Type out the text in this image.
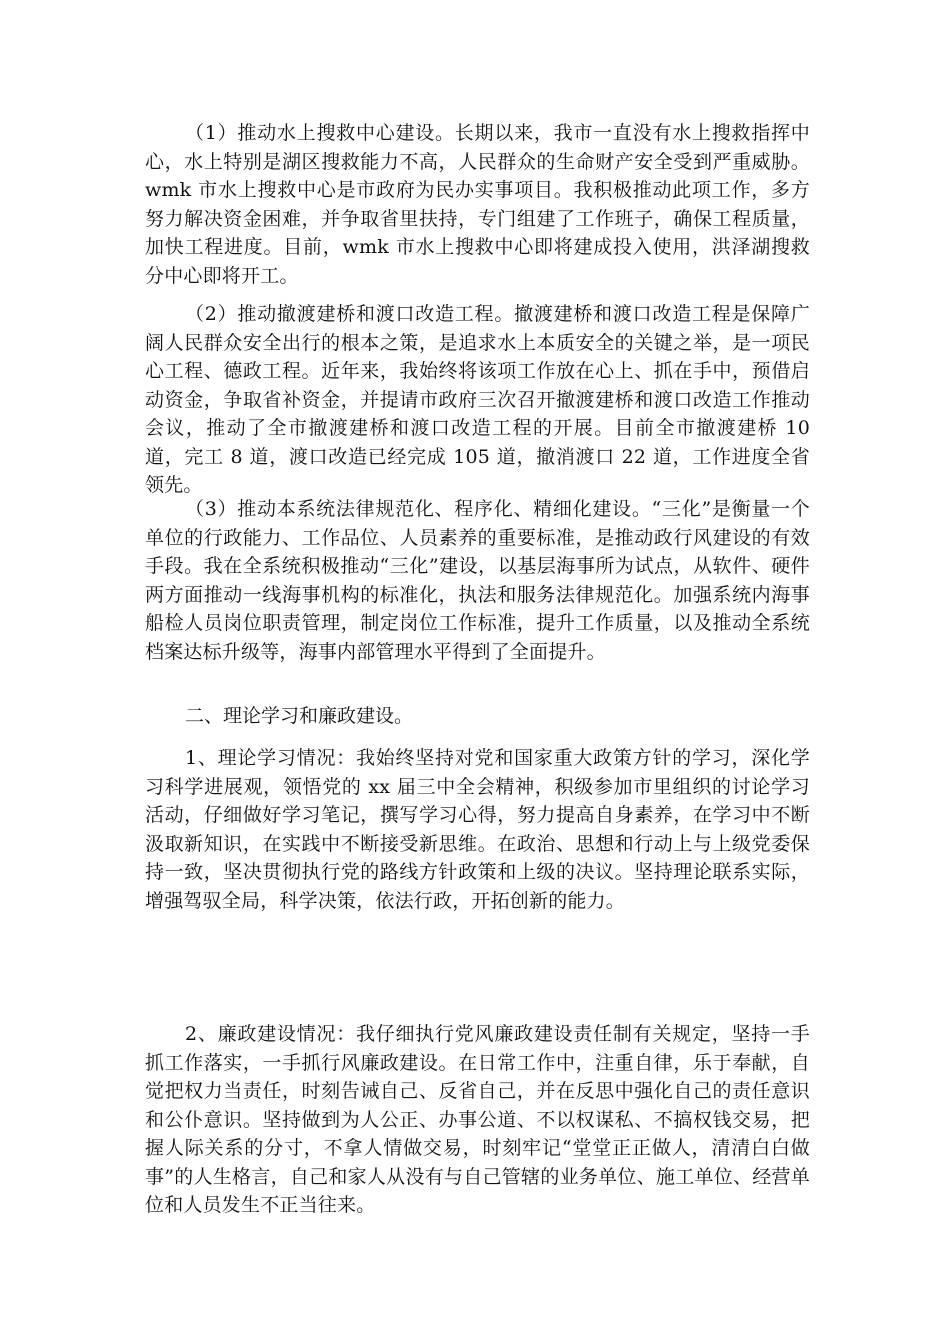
（1）推动水上搜救中心建设。长期以来，我市一直没有水上搜救指挥中心，水上特别是湖区搜救能力不高，人民群众的生命财产安全受到严重威胁。wmk 市水上搜救中心是市政府为民办实事项目。我积极推动此项工作，多方努力解决资金困难，并争取省里扶持，专门组建了工作班子，确保工程质量，加快工程进度。目前，wmk 市水上搜救中心即将建成投入使用，洪泽湖搜救分中心即将开工。

（2）推动撤渡建桥和渡口改造工程。撤渡建桥和渡口改造工程是保障广阔人民群众安全出行的根本之策，是追求水上本质安全的关键之举，是一项民心工程、德政工程。近年来，我始终将该项工作放在心上、抓在手中，预借启动资金，争取省补资金，并提请市政府三次召开撤渡建桥和渡口改造工作推动会议，推动了全市撤渡建桥和渡口改造工程的开展。目前全市撤渡建桥 10 道，完工 8 道，渡口改造已经完成 105 道，撤消渡口 22 道，工作进度全省领先。

（3）推动本系统法律规范化、程序化、精细化建设。“三化”是衡量一个单位的行政能力、工作品位、人员素养的重要标准，是推动政行风建设的有效手段。我在全系统积极推动“三化”建设，以基层海事所为试点，从软件、硬件两方面推动一线海事机构的标准化，执法和服务法律规范化。加强系统内海事船检人员岗位职责管理，制定岗位工作标准，提升工作质量，以及推动全系统档案达标升级等，海事内部管理水平得到了全面提升。

二、理论学习和廉政建设。

1、理论学习情况：我始终坚持对党和国家重大政策方针的学习，深化学习科学进展观，领悟党的 xx 届三中全会精神，积级参加市里组织的讨论学习活动，仔细做好学习笔记，撰写学习心得，努力提高自身素养，在学习中不断汲取新知识，在实践中不断接受新思维。在政治、思想和行动上与上级党委保持一致，坚决贯彻执行党的路线方针政策和上级的决议。坚持理论联系实际，增强驾驭全局，科学决策，依法行政，开拓创新的能力。

2、廉政建设情况：我仔细执行党风廉政建设责任制有关规定，坚持一手抓工作落实，一手抓行风廉政建设。在日常工作中，注重自律，乐于奉献，自觉把权力当责任，时刻告诫自己、反省自己，并在反思中强化自己的责任意识和公仆意识。坚持做到为人公正、办事公道、不以权谋私、不搞权钱交易，把握人际关系的分寸，不拿人情做交易，时刻牢记“堂堂正正做人，清清白白做事”的人生格言，自己和家人从没有与自己管辖的业务单位、施工单位、经营单位和人员发生不正当往来。
